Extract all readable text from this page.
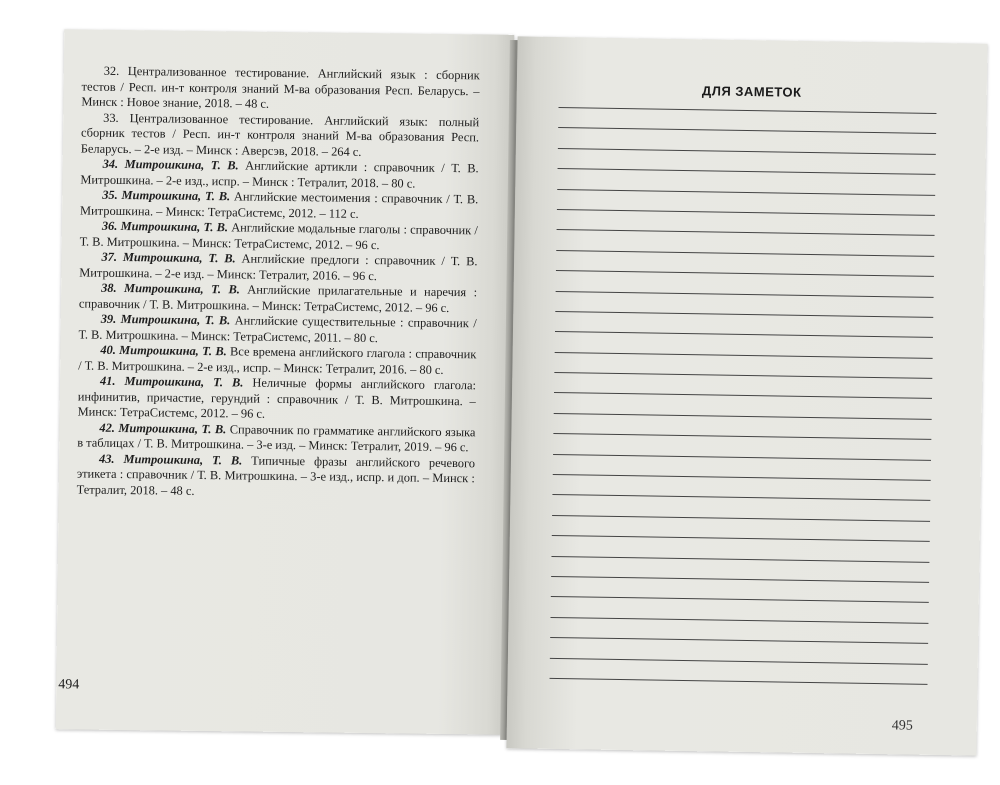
32. Централизованное тестирование. Английский язык : сборник тестов / Респ. ин-т контроля знаний М-ва образования Респ. Беларусь. – Минск : Новое знание, 2018. – 48 с.

33. Централизованное тестирование. Английский язык: полный сборник тестов / Респ. ин-т контроля знаний М-ва образования Респ. Беларусь. – 2-е изд. – Минск : Аверсэв, 2018. – 264 с.

34. Митрошкина, Т. В. Английские артикли : справочник / Т. В. Митрошкина. – 2-е изд., испр. – Минск : Тетралит, 2018. – 80 с.

35. Митрошкина, Т. В. Английские местоимения : справочник / Т. В. Митрошкина. – Минск: ТетраСистемс, 2012. – 112 с.

36. Митрошкина, Т. В. Английские модальные глаголы : справочник / Т. В. Митрошкина. – Минск: ТетраСистемс, 2012. – 96 с.

37. Митрошкина, Т. В. Английские предлоги : справочник / Т. В. Митрошкина. – 2-е изд. – Минск: Тетралит, 2016. – 96 с.

38. Митрошкина, Т. В. Английские прилагательные и наречия : справочник / Т. В. Митрошкина. – Минск: ТетраСистемс, 2012. – 96 с.

39. Митрошкина, Т. В. Английские существительные : справочник / Т. В. Митрошкина. – Минск: ТетраСистемс, 2011. – 80 с.

40. Митрошкина, Т. В. Все времена английского глагола : справочник / Т. В. Митрошкина. – 2-е изд., испр. – Минск: Тетралит, 2016. – 80 с.

41. Митрошкина, Т. В. Неличные формы английского глагола: инфинитив, причастие, герундий : справочник / Т. В. Митрошкина. – Минск: ТетраСистемс, 2012. – 96 с.

42. Митрошкина, Т. В. Справочник по грамматике английского языка в таблицах / Т. В. Митрошкина. – 3-е изд. – Минск: Тетралит, 2019. – 96 с.

43. Митрошкина, Т. В. Типичные фразы английского речевого этикета : справочник / Т. В. Митрошкина. – 3-е изд., испр. и доп. – Минск : Тетралит, 2018. – 48 с.

494
ДЛЯ ЗАМЕТОК
495
